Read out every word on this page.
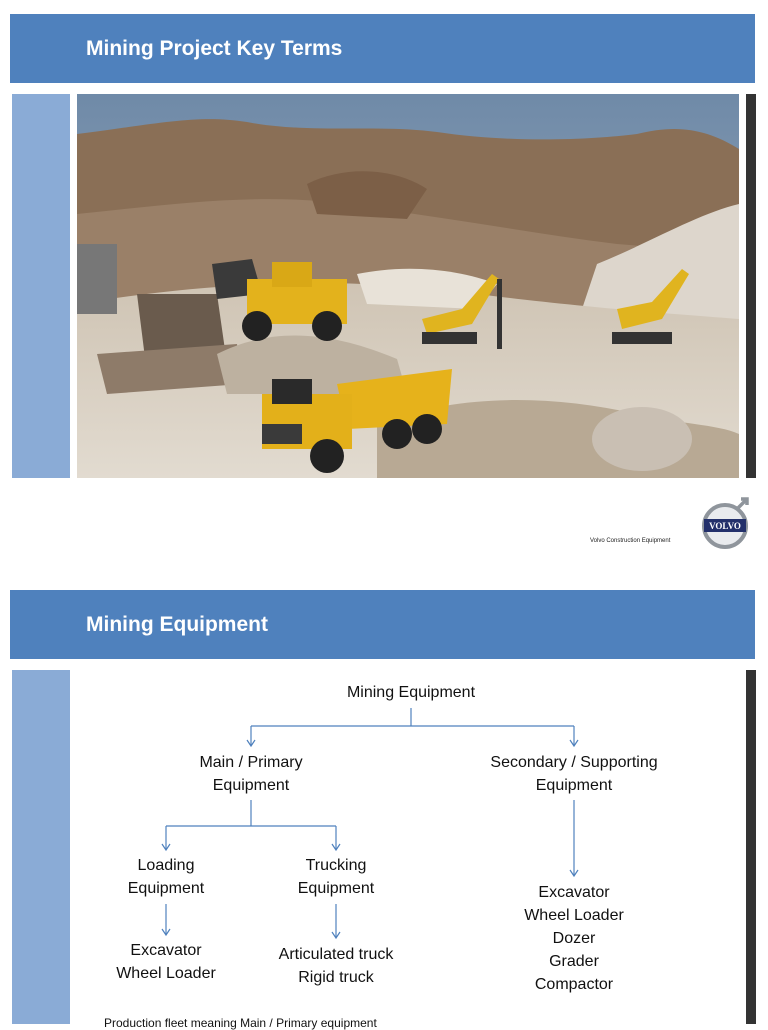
Mining Project Key Terms
Volvo Construction Equipment
VOLVO
Mining Equipment
Mining Equipment
Main / Primary
Equipment
Secondary / Supporting
Equipment
Loading
Equipment
Trucking
Equipment
Excavator
Wheel Loader
Articulated truck
Rigid truck
Excavator
Wheel Loader
Dozer
Grader
Compactor
Production fleet meaning Main / Primary equipment
